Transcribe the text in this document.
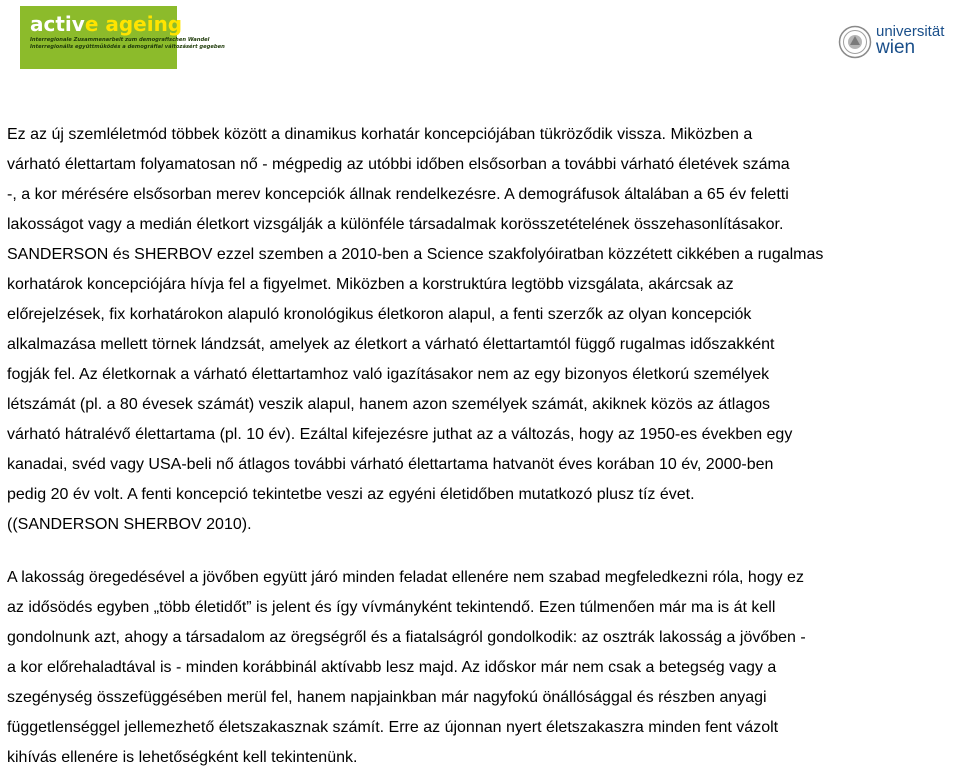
active ageing
Interregionale Zusammenarbeit zum demografischen Wandel
Interregionális együttműködés a demográfiai változásért gegeben
universität
wien

Ez az új szemléletmód többek között a dinamikus korhatár koncepciójában tükröződik vissza. Miközben a
várható élettartam folyamatosan nő - mégpedig az utóbbi időben elsősorban a további várható életévek száma
-, a kor mérésére elsősorban merev koncepciók állnak rendelkezésre. A demográfusok általában a 65 év feletti
lakosságot vagy a medián életkort vizsgálják a különféle társadalmak korösszetételének összehasonlításakor.
SANDERSON és SHERBOV ezzel szemben a 2010-ben a Science szakfolyóiratban közzétett cikkében a rugalmas
korhatárok koncepciójára hívja fel a figyelmet. Miközben a korstruktúra legtöbb vizsgálata, akárcsak az
előrejelzések, fix korhatárokon alapuló kronológikus életkoron alapul, a fenti szerzők az olyan koncepciók
alkalmazása mellett törnek lándzsát, amelyek az életkort a várható élettartamtól függő rugalmas időszakként
fogják fel. Az életkornak a várható élettartamhoz való igazításakor nem az egy bizonyos életkorú személyek
létszámát (pl. a 80 évesek számát) veszik alapul, hanem azon személyek számát, akiknek közös az átlagos
várható hátralévő élettartama (pl. 10 év). Ezáltal kifejezésre juthat az a változás, hogy az 1950-es években egy
kanadai, svéd vagy USA-beli nő átlagos további várható élettartama hatvanöt éves korában 10 év, 2000-ben
pedig 20 év volt. A fenti koncepció tekintetbe veszi az egyéni életidőben mutatkozó plusz tíz évet.
((SANDERSON SHERBOV 2010).

A lakosság öregedésével a jövőben együtt járó minden feladat ellenére nem szabad megfeledkezni róla, hogy ez
az idősödés egyben „több életidőt” is jelent és így vívmányként tekintendő. Ezen túlmenően már ma is át kell
gondolnunk azt, ahogy a társadalom az öregségről és a fiatalságról gondolkodik: az osztrák lakosság a jövőben -
a kor előrehaladtával is - minden korábbinál aktívabb lesz majd. Az időskor már nem csak a betegség vagy a
szegénység összefüggésében merül fel, hanem napjainkban már nagyfokú önállósággal és részben anyagi
függetlenséggel jellemezhető életszakasznak számít. Erre az újonnan nyert életszakaszra minden fent vázolt
kihívás ellenére is lehetőségként kell tekintenünk.
